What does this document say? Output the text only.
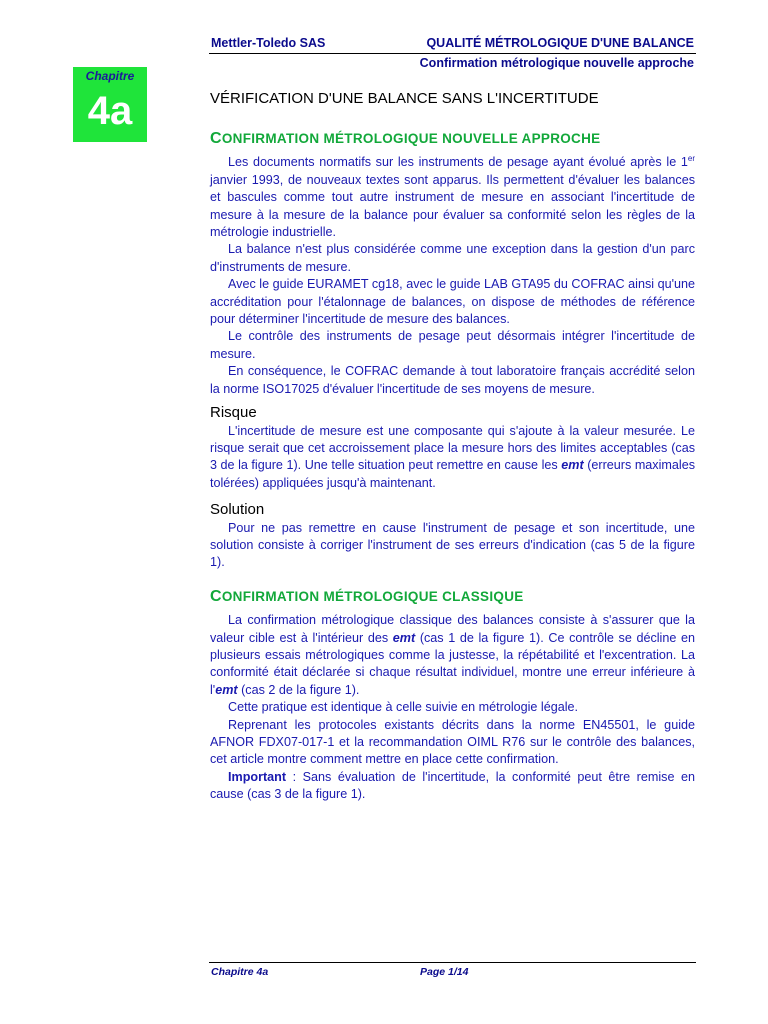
Mettler-Toledo SAS	QUALITÉ MÉTROLOGIQUE D'UNE BALANCE
Confirmation métrologique nouvelle approche
Chapitre
4a	VÉRIFICATION D'UNE BALANCE SANS L'INCERTITUDE
CONFIRMATION MÉTROLOGIQUE NOUVELLE APPROCHE

Les documents normatifs sur les instruments de pesage ayant évolué après le 1er janvier 1993, de nouveaux textes sont apparus. Ils permettent d'évaluer les balances et bascules comme tout autre instrument de mesure en associant l'incertitude de mesure à la mesure de la balance pour évaluer sa conformité selon les règles de la métrologie industrielle.

La balance n'est plus considérée comme une exception dans la gestion d'un parc d'instruments de mesure.

Avec le guide EURAMET cg18, avec le guide LAB GTA95 du COFRAC ainsi qu'une accréditation pour l'étalonnage de balances, on dispose de méthodes de référence pour déterminer l'incertitude de mesure des balances.

Le contrôle des instruments de pesage peut désormais intégrer l'incertitude de mesure.

En conséquence, le COFRAC demande à tout laboratoire français accrédité selon la norme ISO17025 d'évaluer l'incertitude de ses moyens de mesure.

Risque

L'incertitude de mesure est une composante qui s'ajoute à la valeur mesurée. Le risque serait que cet accroissement place la mesure hors des limites acceptables (cas 3 de la figure 1). Une telle situation peut remettre en cause les emt (erreurs maximales tolérées) appliquées jusqu'à maintenant.

Solution

Pour ne pas remettre en cause l'instrument de pesage et son incertitude, une solution consiste à corriger l'instrument de ses erreurs d'indication (cas 5 de la figure 1).

CONFIRMATION MÉTROLOGIQUE CLASSIQUE

La confirmation métrologique classique des balances consiste à s'assurer que la valeur cible est à l'intérieur des emt (cas 1 de la figure 1). Ce contrôle se décline en plusieurs essais métrologiques comme la justesse, la répétabilité et l'excentration. La conformité était déclarée si chaque résultat individuel, montre une erreur inférieure à l'emt (cas 2 de la figure 1).

Cette pratique est identique à celle suivie en métrologie légale.

Reprenant les protocoles existants décrits dans la norme EN45501, le guide AFNOR FDX07-017-1 et la recommandation OIML R76 sur le contrôle des balances, cet article montre comment mettre en place cette confirmation.

Important : Sans évaluation de l'incertitude, la conformité peut être remise en cause (cas 3 de la figure 1).

Chapitre 4a	Page 1/14
